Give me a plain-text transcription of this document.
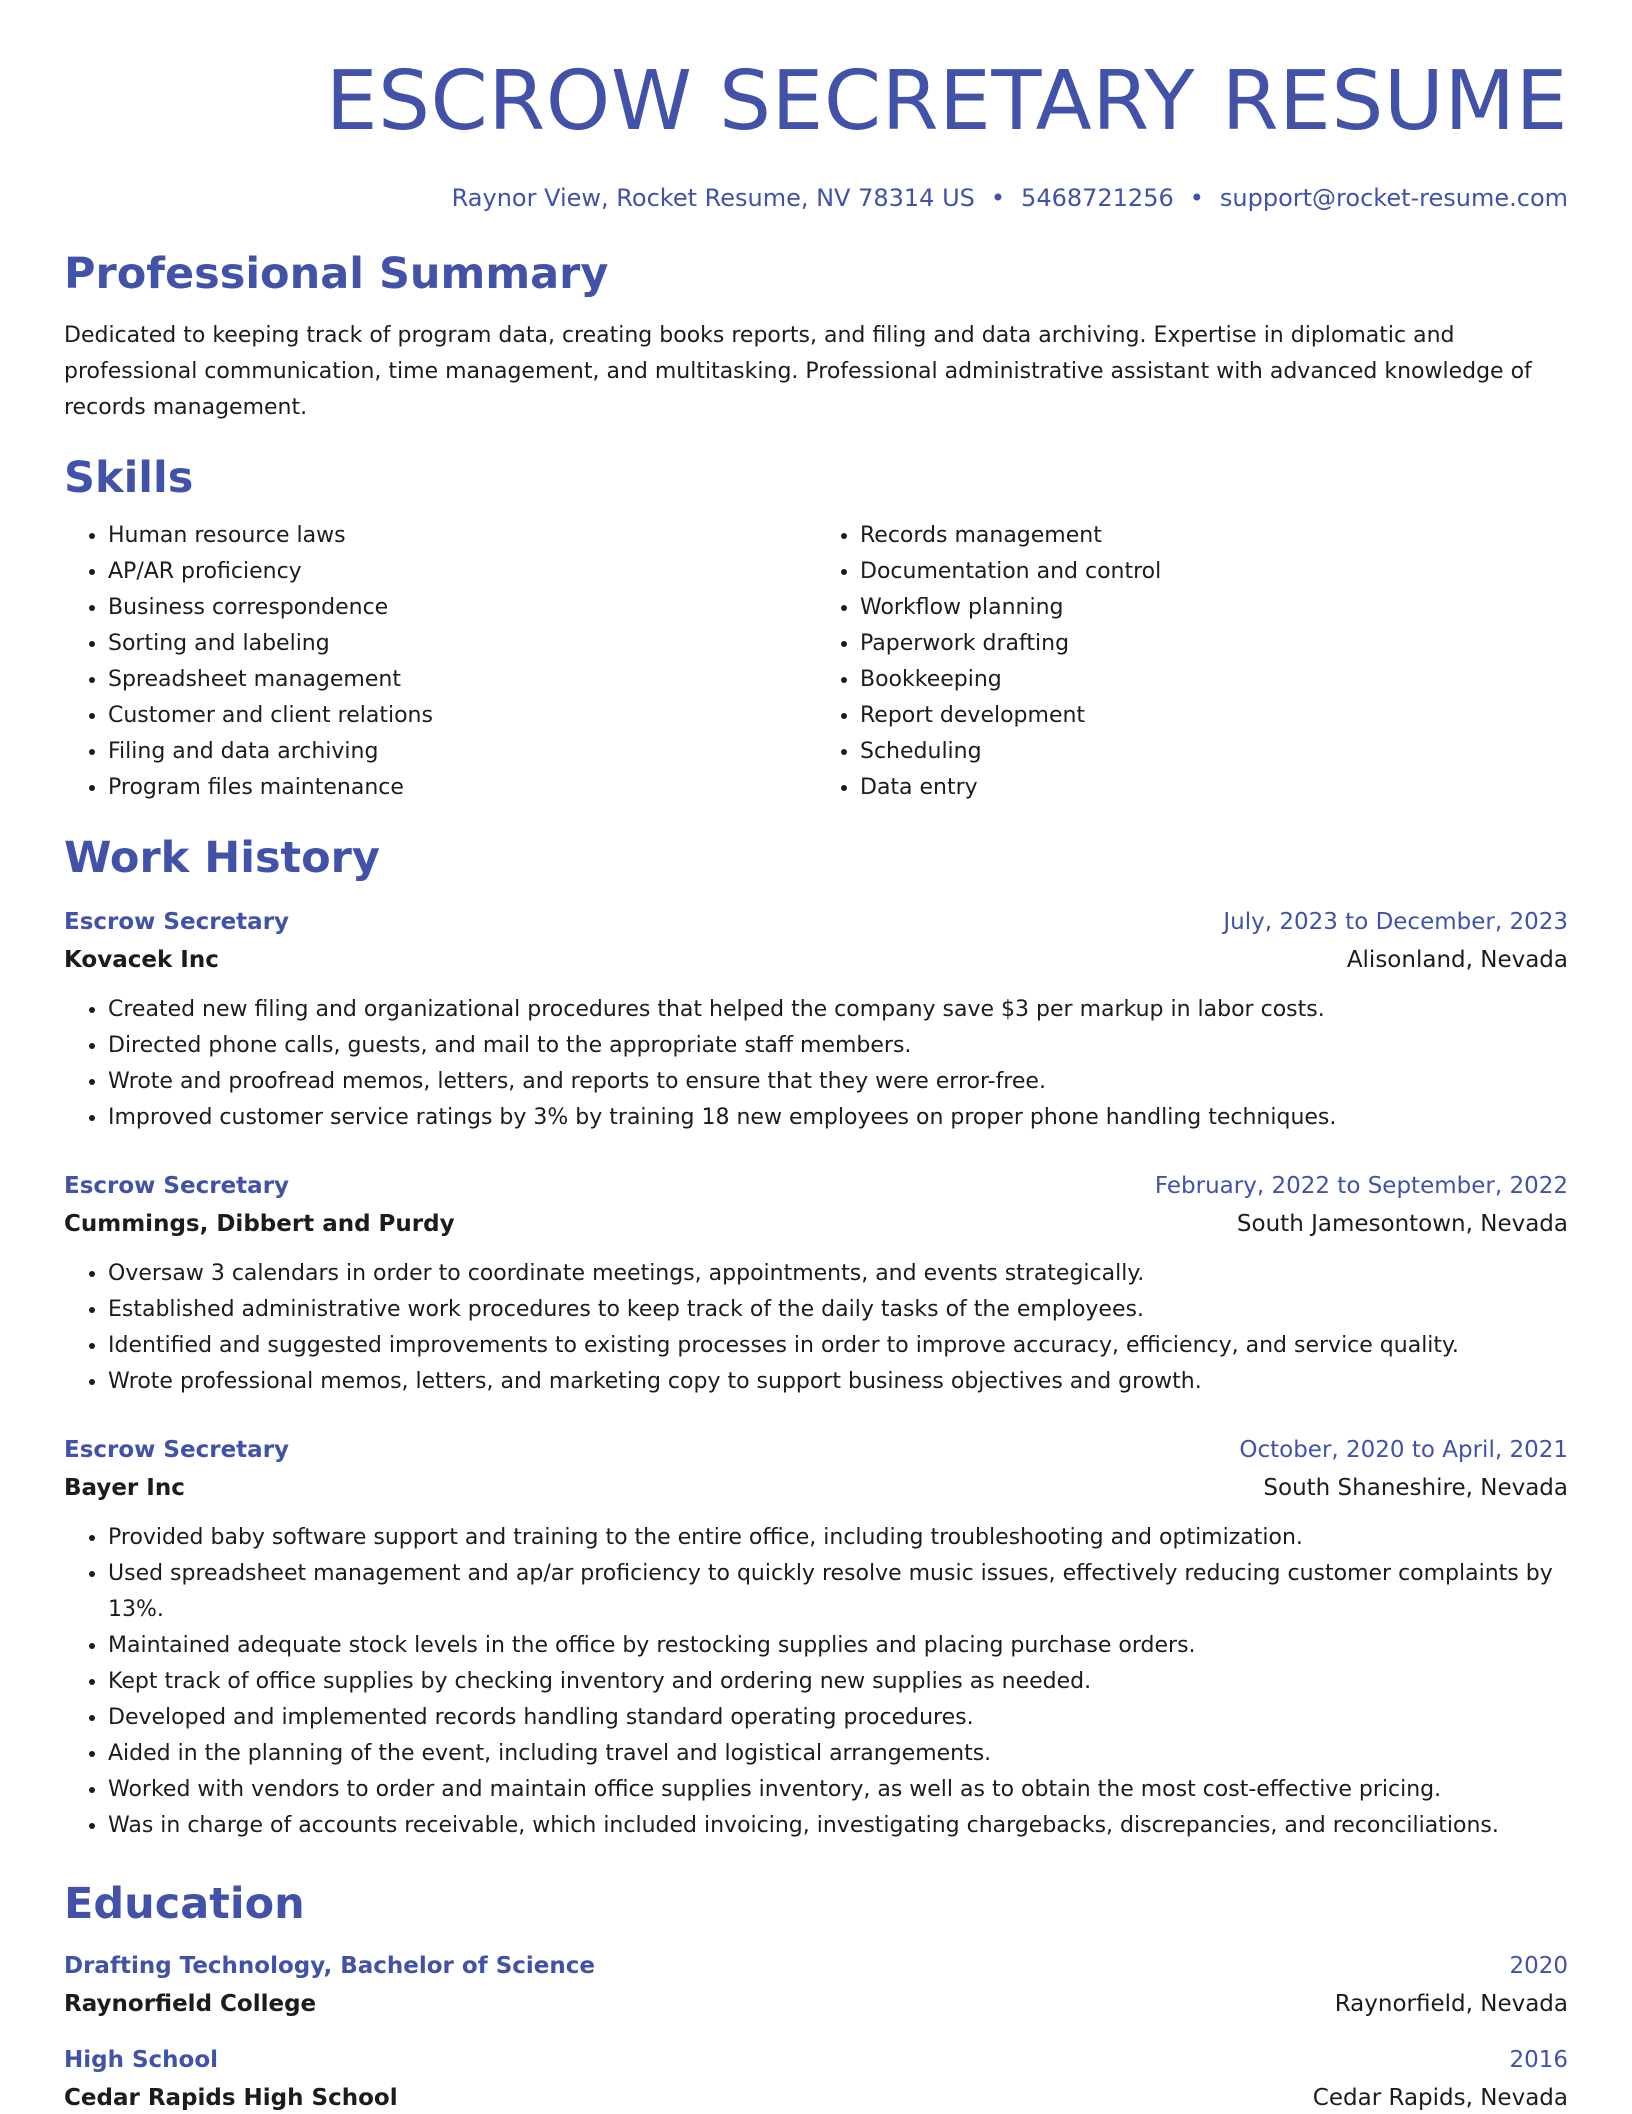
ESCROW SECRETARY RESUME
Raynor View, Rocket Resume, NV 78314 US • 5468721256 • support@rocket-resume.com
Professional Summary
Dedicated to keeping track of program data, creating books reports, and filing and data archiving. Expertise in diplomatic and professional communication, time management, and multitasking. Professional administrative assistant with advanced knowledge of records management.
Skills
• Human resource laws
• AP/AR proficiency
• Business correspondence
• Sorting and labeling
• Spreadsheet management
• Customer and client relations
• Filing and data archiving
• Program files maintenance
• Records management
• Documentation and control
• Workflow planning
• Paperwork drafting
• Bookkeeping
• Report development
• Scheduling
• Data entry
Work History
Escrow Secretary	July, 2023 to December, 2023
Kovacek Inc	Alisonland, Nevada
• Created new filing and organizational procedures that helped the company save $3 per markup in labor costs.
• Directed phone calls, guests, and mail to the appropriate staff members.
• Wrote and proofread memos, letters, and reports to ensure that they were error-free.
• Improved customer service ratings by 3% by training 18 new employees on proper phone handling techniques.
Escrow Secretary	February, 2022 to September, 2022
Cummings, Dibbert and Purdy	South Jamesontown, Nevada
• Oversaw 3 calendars in order to coordinate meetings, appointments, and events strategically.
• Established administrative work procedures to keep track of the daily tasks of the employees.
• Identified and suggested improvements to existing processes in order to improve accuracy, efficiency, and service quality.
• Wrote professional memos, letters, and marketing copy to support business objectives and growth.
Escrow Secretary	October, 2020 to April, 2021
Bayer Inc	South Shaneshire, Nevada
• Provided baby software support and training to the entire office, including troubleshooting and optimization.
• Used spreadsheet management and ap/ar proficiency to quickly resolve music issues, effectively reducing customer complaints by 13%.
• Maintained adequate stock levels in the office by restocking supplies and placing purchase orders.
• Kept track of office supplies by checking inventory and ordering new supplies as needed.
• Developed and implemented records handling standard operating procedures.
• Aided in the planning of the event, including travel and logistical arrangements.
• Worked with vendors to order and maintain office supplies inventory, as well as to obtain the most cost-effective pricing.
• Was in charge of accounts receivable, which included invoicing, investigating chargebacks, discrepancies, and reconciliations.
Education
Drafting Technology, Bachelor of Science	2020
Raynorfield College	Raynorfield, Nevada
High School	2016
Cedar Rapids High School	Cedar Rapids, Nevada
